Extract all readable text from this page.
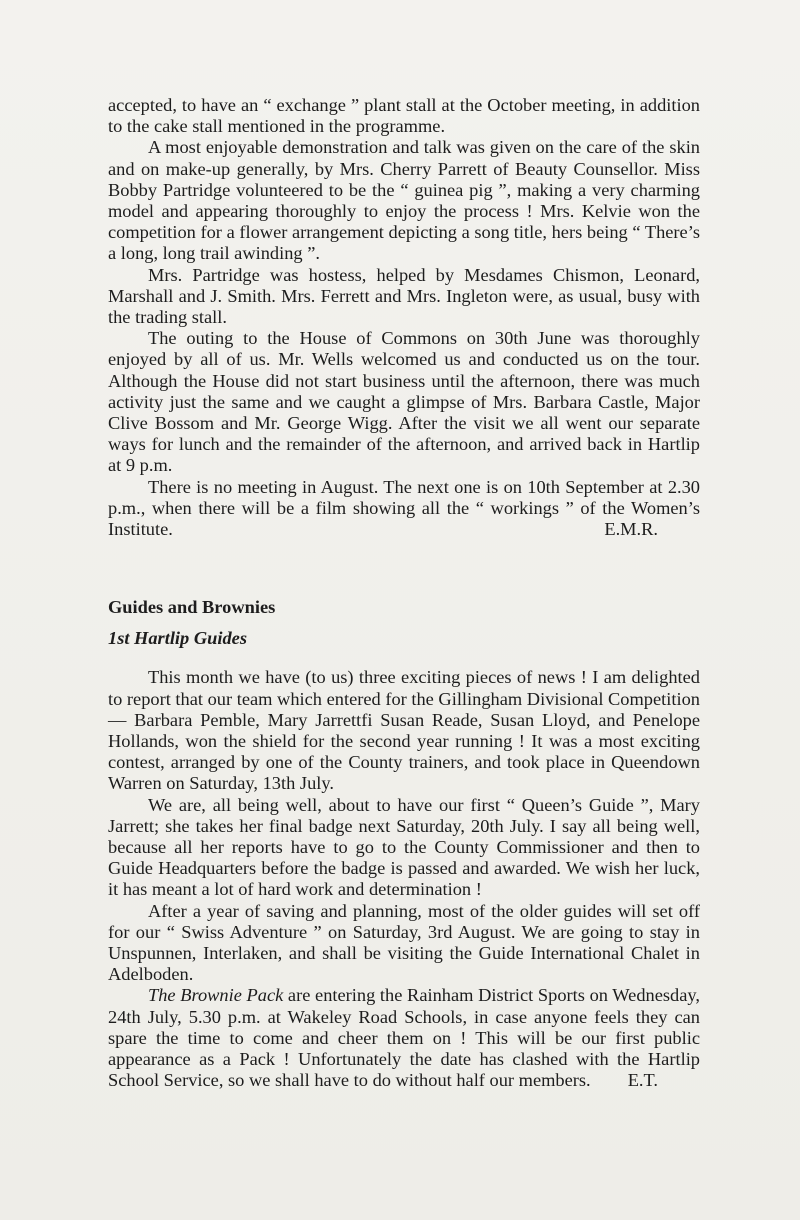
accepted, to have an “ exchange ” plant stall at the October meeting, in addition to the cake stall mentioned in the programme.

A most enjoyable demonstration and talk was given on the care of the skin and on make-up generally, by Mrs. Cherry Parrett of Beauty Counsellor. Miss Bobby Partridge volunteered to be the “ guinea pig ”, making a very charming model and appearing thoroughly to enjoy the process ! Mrs. Kelvie won the competition for a flower arrangement depicting a song title, hers being “ There’s a long, long trail awinding ”.

Mrs. Partridge was hostess, helped by Mesdames Chismon, Leonard, Marshall and J. Smith. Mrs. Ferrett and Mrs. Ingleton were, as usual, busy with the trading stall.

The outing to the House of Commons on 30th June was thoroughly enjoyed by all of us. Mr. Wells welcomed us and conducted us on the tour. Although the House did not start business until the afternoon, there was much activity just the same and we caught a glimpse of Mrs. Barbara Castle, Major Clive Bossom and Mr. George Wigg. After the visit we all went our separate ways for lunch and the remainder of the afternoon, and arrived back in Hartlip at 9 p.m.

There is no meeting in August. The next one is on 10th September at 2.30 p.m., when there will be a film showing all the “ workings ” of the Women’s Institute.	E.M.R.
Guides and Brownies
1st Hartlip Guides

This month we have (to us) three exciting pieces of news ! I am delighted to report that our team which entered for the Gillingham Divisional Competition — Barbara Pemble, Mary Jarrettfi Susan Reade, Susan Lloyd, and Penelope Hollands, won the shield for the second year running ! It was a most exciting contest, arranged by one of the County trainers, and took place in Queendown Warren on Saturday, 13th July.

We are, all being well, about to have our first “ Queen’s Guide ”, Mary Jarrett; she takes her final badge next Saturday, 20th July. I say all being well, because all her reports have to go to the County Commissioner and then to Guide Headquarters before the badge is passed and awarded. We wish her luck, it has meant a lot of hard work and determination !

After a year of saving and planning, most of the older guides will set off for our “ Swiss Adventure ” on Saturday, 3rd August. We are going to stay in Unspunnen, Interlaken, and shall be visiting the Guide International Chalet in Adelboden.

The Brownie Pack are entering the Rainham District Sports on Wednesday, 24th July, 5.30 p.m. at Wakeley Road Schools, in case anyone feels they can spare the time to come and cheer them on ! This will be our first public appearance as a Pack ! Unfortunately the date has clashed with the Hartlip School Service, so we shall have to do without half our members.	E.T.
